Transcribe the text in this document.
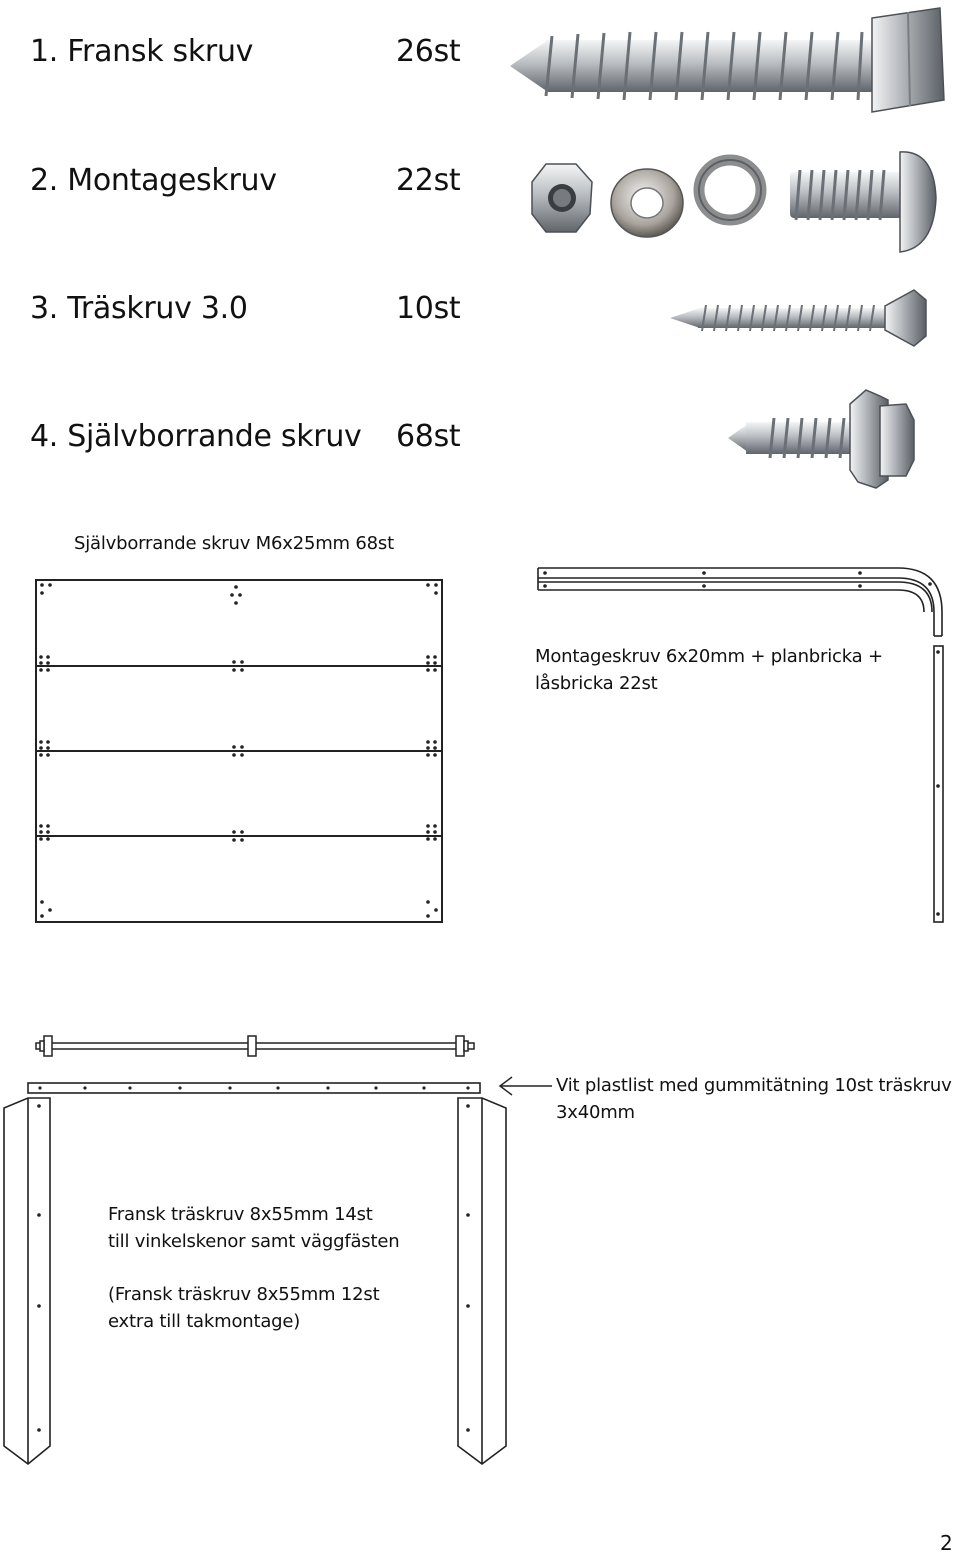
1. Fransk skruv	26st
2. Montageskruv	22st
3. Träskruv 3.0	10st
4. Självborrande skruv 68st
Självborrande skruv M6x25mm 68st
Montageskruv 6x20mm + planbricka +
låsbricka 22st
Vit plastlist med gummitätning 10st träskruv
3x40mm
Fransk träskruv 8x55mm 14st
till vinkelskenor samt väggfästen
(Fransk träskruv 8x55mm 12st
extra till takmontage)
2
